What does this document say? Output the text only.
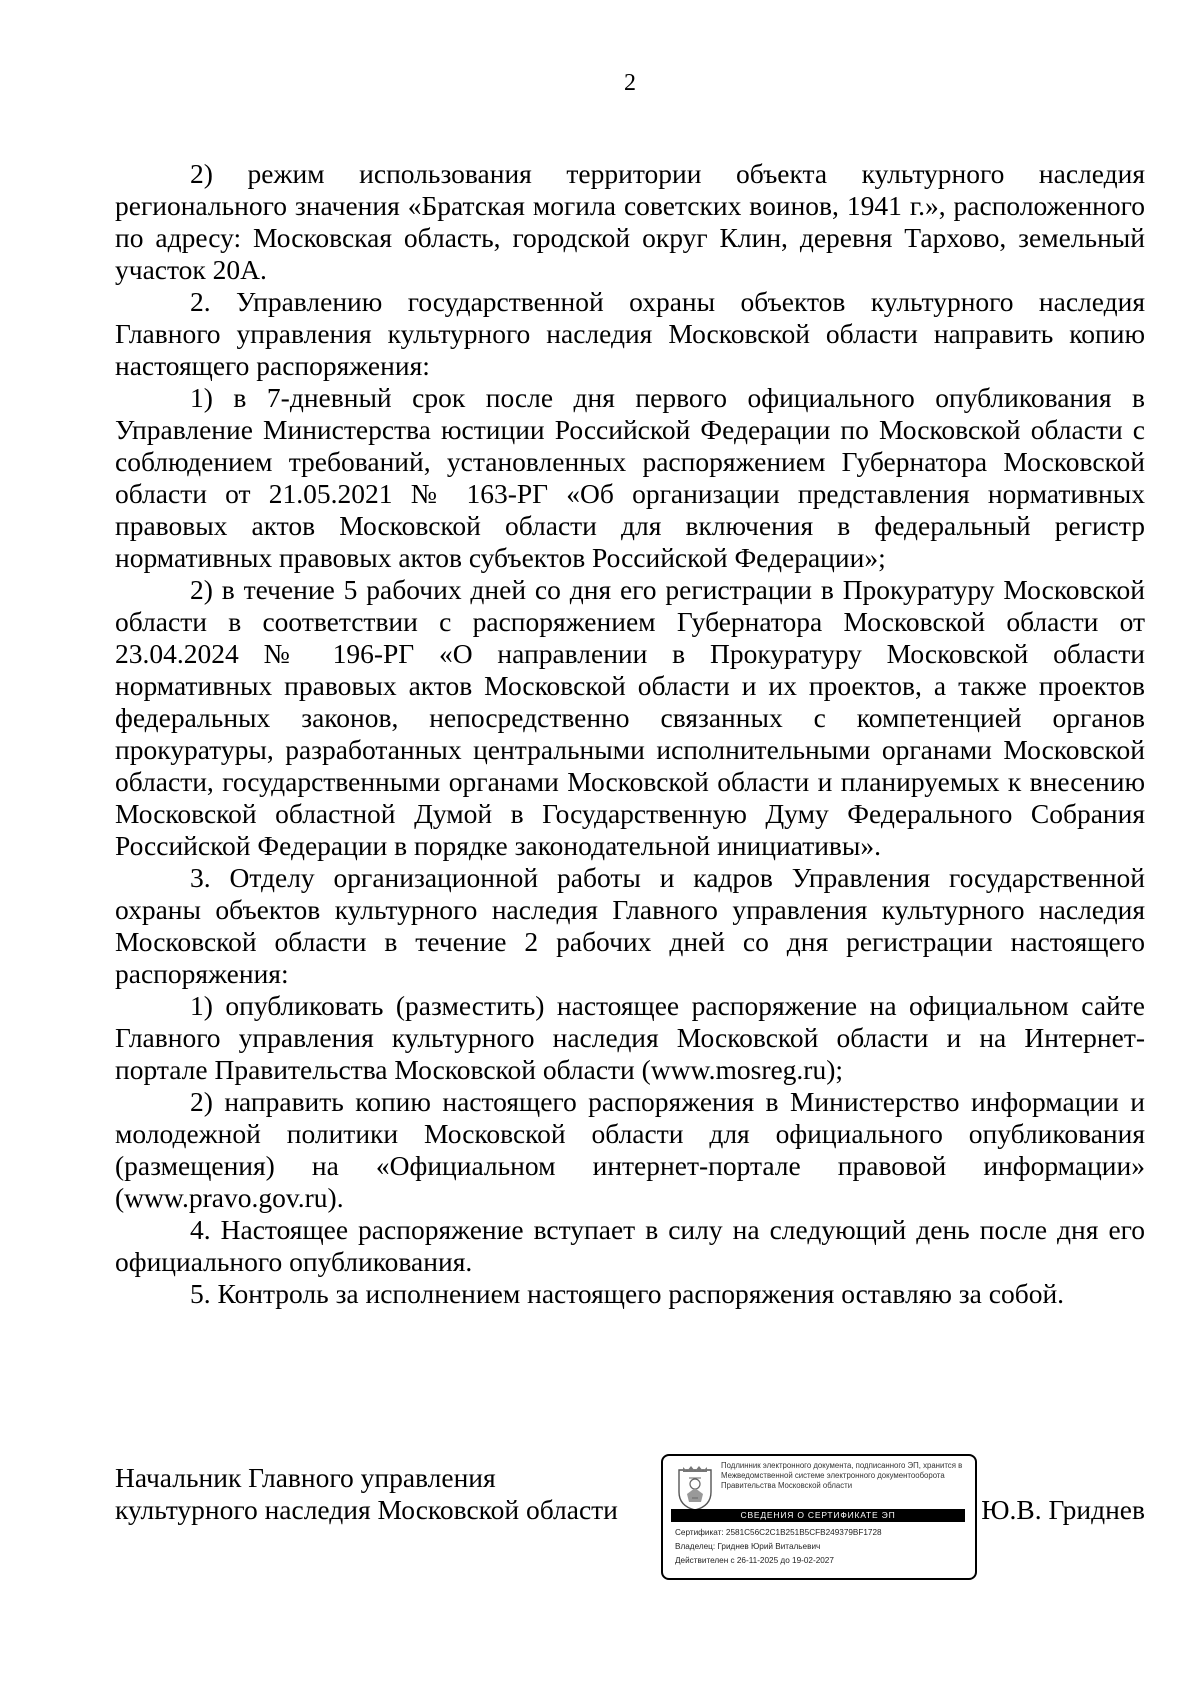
2

2) режим использования территории объекта культурного наследия регионального значения «Братская могила советских воинов, 1941 г.», расположенного по адресу: Московская область, городской округ Клин, деревня Тархово, земельный участок 20А.

2. Управлению государственной охраны объектов культурного наследия Главного управления культурного наследия Московской области направить копию настоящего распоряжения:

1) в 7-дневный срок после дня первого официального опубликования в Управление Министерства юстиции Российской Федерации по Московской области с соблюдением требований, установленных распоряжением Губернатора Московской области от 21.05.2021 № 163-РГ «Об организации представления нормативных правовых актов Московской области для включения в федеральный регистр нормативных правовых актов субъектов Российской Федерации»;

2) в течение 5 рабочих дней со дня его регистрации в Прокуратуру Московской области в соответствии с распоряжением Губернатора Московской области от 23.04.2024 № 196-РГ «О направлении в Прокуратуру Московской области нормативных правовых актов Московской области и их проектов, а также проектов федеральных законов, непосредственно связанных с компетенцией органов прокуратуры, разработанных центральными исполнительными органами Московской области, государственными органами Московской области и планируемых к внесению Московской областной Думой в Государственную Думу Федерального Собрания Российской Федерации в порядке законодательной инициативы».

3. Отделу организационной работы и кадров Управления государственной охраны объектов культурного наследия Главного управления культурного наследия Московской области в течение 2 рабочих дней со дня регистрации настоящего распоряжения:

1) опубликовать (разместить) настоящее распоряжение на официальном сайте Главного управления культурного наследия Московской области и на Интернет-портале Правительства Московской области (www.mosreg.ru);

2) направить копию настоящего распоряжения в Министерство информации и молодежной политики Московской области для официального опубликования (размещения) на «Официальном интернет-портале правовой информации» (www.pravo.gov.ru).

4. Настоящее распоряжение вступает в силу на следующий день после дня его официального опубликования.

5. Контроль за исполнением настоящего распоряжения оставляю за собой.

Начальник Главного управления
культурного наследия Московской области
Подлинник электронного документа, подписанного ЭП, хранится в Межведомственной системе электронного документооборота Правительства Московской области
СВЕДЕНИЯ О СЕРТИФИКАТЕ ЭП
Сертификат: 2581C56C2C1B251B5CFB249379BF1728
Владелец: Гриднев Юрий Витальевич
Действителен с 26-11-2025 до 19-02-2027
Ю.В. Гриднев
